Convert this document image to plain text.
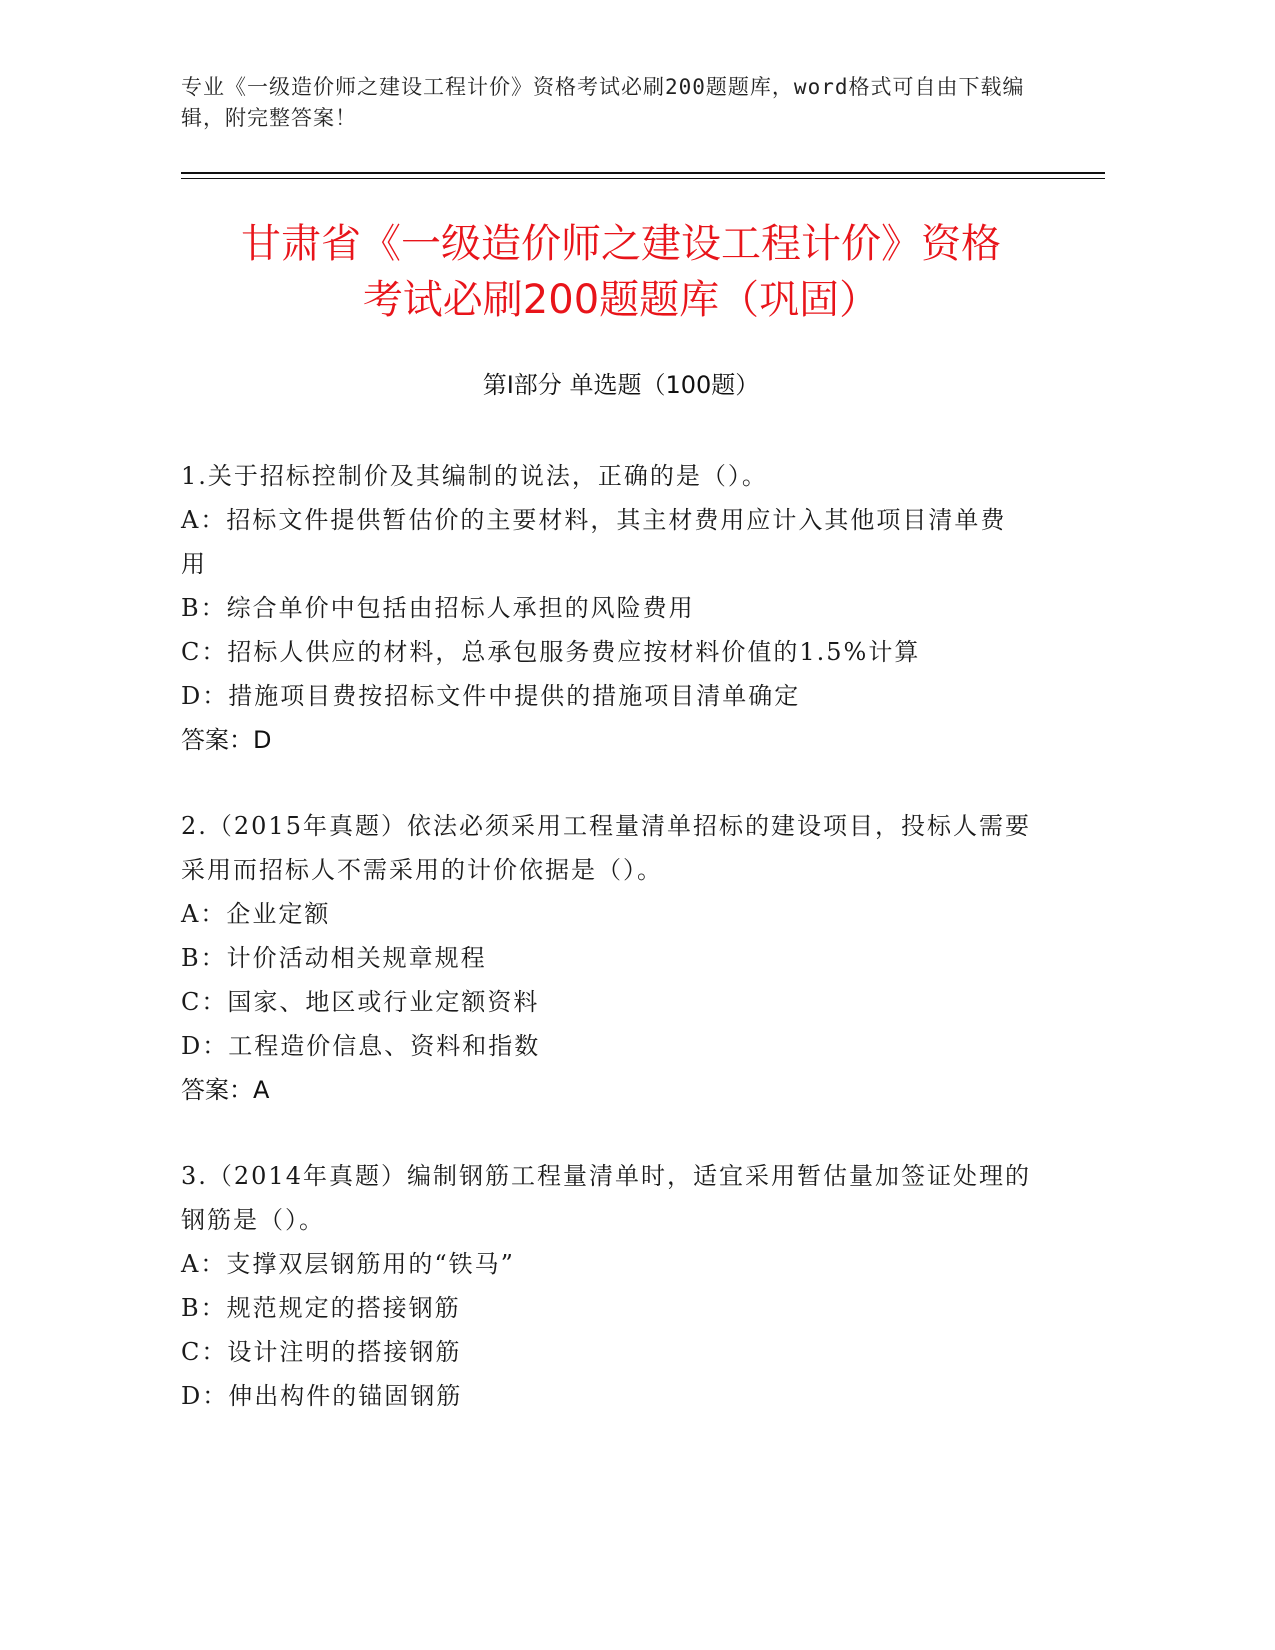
专业《一级造价师之建设工程计价》资格考试必刷200题题库，word格式可自由下载编辑，附完整答案！
甘肃省《一级造价师之建设工程计价》资格
考试必刷200题题库（巩固）
第I部分 单选题（100题）
1.关于招标控制价及其编制的说法，正确的是（）。
A：招标文件提供暂估价的主要材料，其主材费用应计入其他项目清单费用
B：综合单价中包括由招标人承担的风险费用
C：招标人供应的材料，总承包服务费应按材料价值的1.5%计算
D：措施项目费按招标文件中提供的措施项目清单确定
答案：D
2.（2015年真题）依法必须采用工程量清单招标的建设项目，投标人需要采用而招标人不需采用的计价依据是（）。
A：企业定额
B：计价活动相关规章规程
C：国家、地区或行业定额资料
D：工程造价信息、资料和指数
答案：A
3.（2014年真题）编制钢筋工程量清单时，适宜采用暂估量加签证处理的钢筋是（）。
A：支撑双层钢筋用的“铁马”
B：规范规定的搭接钢筋
C：设计注明的搭接钢筋
D：伸出构件的锚固钢筋
